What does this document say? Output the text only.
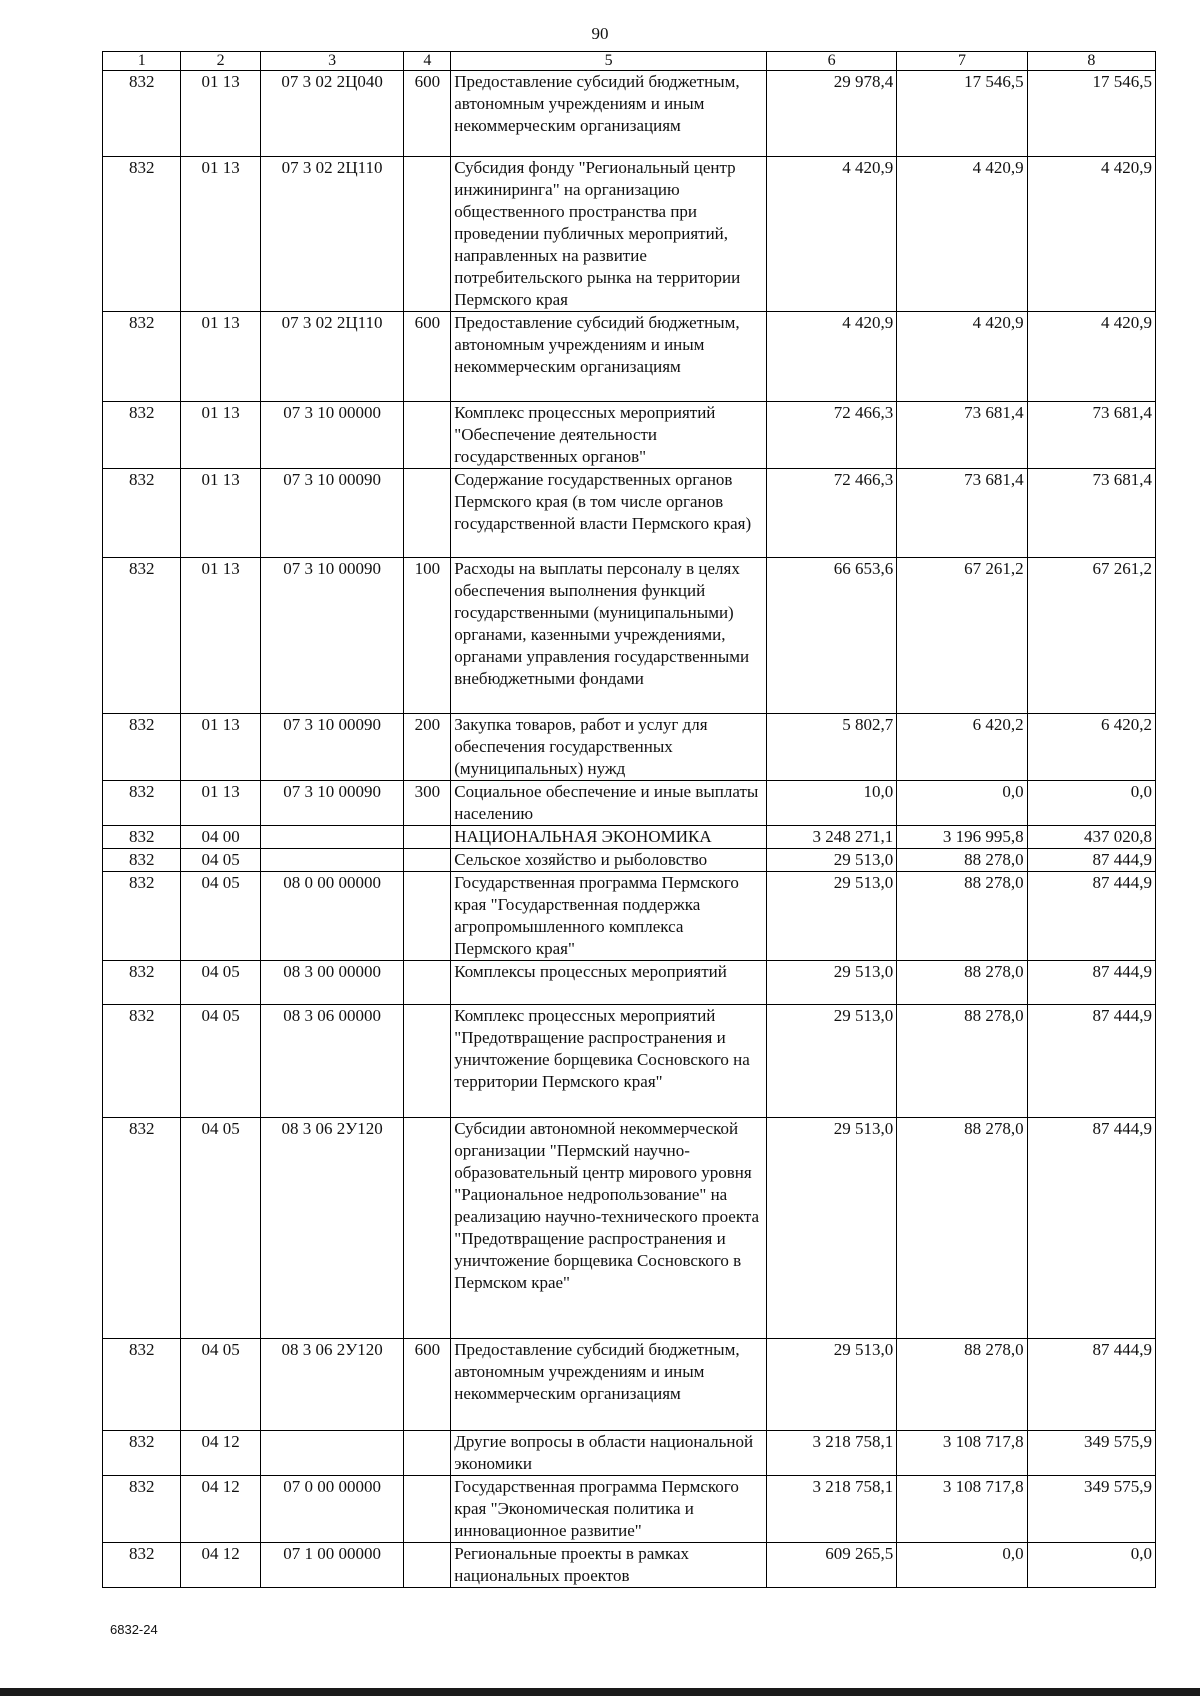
90
1	2	3	4	5	6	7	8
832	01 13	07 3 02 2Ц040	600	Предоставление субсидий бюджетным, автономным учреждениям и иным некоммерческим организациям	29 978,4	17 546,5	17 546,5
832	01 13	07 3 02 2Ц110		Субсидия фонду "Региональный центр инжиниринга" на организацию общественного пространства при проведении публичных мероприятий, направленных на развитие потребительского рынка на территории Пермского края	4 420,9	4 420,9	4 420,9
832	01 13	07 3 02 2Ц110	600	Предоставление субсидий бюджетным, автономным учреждениям и иным некоммерческим организациям	4 420,9	4 420,9	4 420,9
832	01 13	07 3 10 00000		Комплекс процессных мероприятий "Обеспечение деятельности государственных органов"	72 466,3	73 681,4	73 681,4
832	01 13	07 3 10 00090		Содержание государственных органов Пермского края (в том числе органов государственной власти Пермского края)	72 466,3	73 681,4	73 681,4
832	01 13	07 3 10 00090	100	Расходы на выплаты персоналу в целях обеспечения выполнения функций государственными (муниципальными) органами, казенными учреждениями, органами управления государственными внебюджетными фондами	66 653,6	67 261,2	67 261,2
832	01 13	07 3 10 00090	200	Закупка товаров, работ и услуг для обеспечения государственных (муниципальных) нужд	5 802,7	6 420,2	6 420,2
832	01 13	07 3 10 00090	300	Социальное обеспечение и иные выплаты населению	10,0	0,0	0,0
832	04 00			НАЦИОНАЛЬНАЯ ЭКОНОМИКА	3 248 271,1	3 196 995,8	437 020,8
832	04 05			Сельское хозяйство и рыболовство	29 513,0	88 278,0	87 444,9
832	04 05	08 0 00 00000		Государственная программа Пермского края "Государственная поддержка агропромышленного комплекса Пермского края"	29 513,0	88 278,0	87 444,9
832	04 05	08 3 00 00000		Комплексы процессных мероприятий	29 513,0	88 278,0	87 444,9
832	04 05	08 3 06 00000		Комплекс процессных мероприятий "Предотвращение распространения и уничтожение борщевика Сосновского на территории Пермского края"	29 513,0	88 278,0	87 444,9
832	04 05	08 3 06 2У120		Субсидии автономной некоммерческой организации "Пермский научно-образовательный центр мирового уровня "Рациональное недропользование" на реализацию научно-технического проекта "Предотвращение распространения и уничтожение борщевика Сосновского в Пермском крае"	29 513,0	88 278,0	87 444,9
832	04 05	08 3 06 2У120	600	Предоставление субсидий бюджетным, автономным учреждениям и иным некоммерческим организациям	29 513,0	88 278,0	87 444,9
832	04 12			Другие вопросы в области национальной экономики	3 218 758,1	3 108 717,8	349 575,9
832	04 12	07 0 00 00000		Государственная программа Пермского края "Экономическая политика и инновационное развитие"	3 218 758,1	3 108 717,8	349 575,9
832	04 12	07 1 00 00000		Региональные проекты в рамках национальных проектов	609 265,5	0,0	0,0
6832-24
